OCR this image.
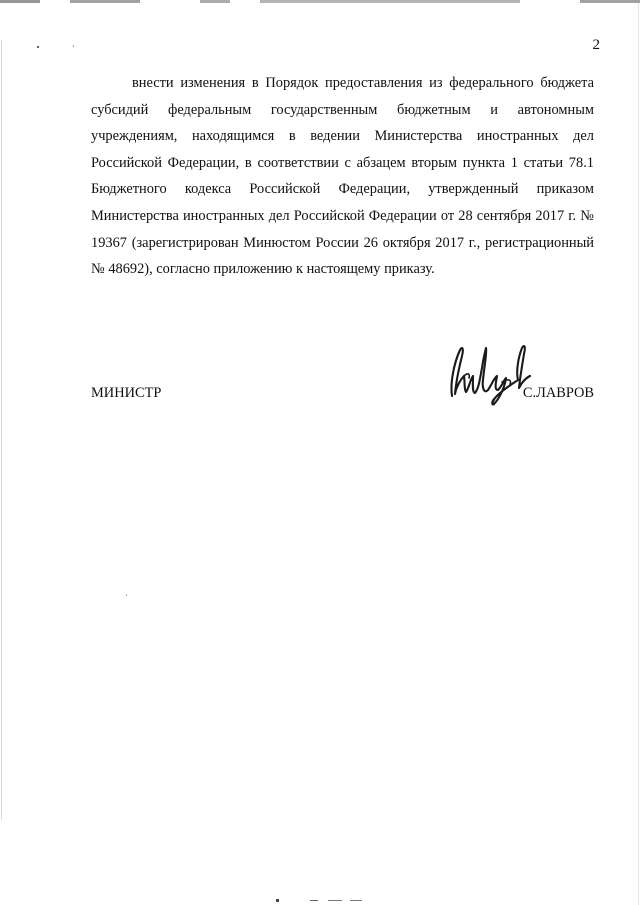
2

внести изменения в Порядок предоставления из федерального бюджета субсидий федеральным государственным бюджетным и автономным учреждениям, находящимся в ведении Министерства иностранных дел Российской Федерации, в соответствии с абзацем вторым пункта 1 статьи 78.1 Бюджетного кодекса Российской Федерации, утвержденный приказом Министерства иностранных дел Российской Федерации от 28 сентября 2017 г. № 19367 (зарегистрирован Минюстом России 26 октября 2017 г., регистрационный № 48692), согласно приложению к настоящему приказу.

МИНИСТР	С.ЛАВРОВ
